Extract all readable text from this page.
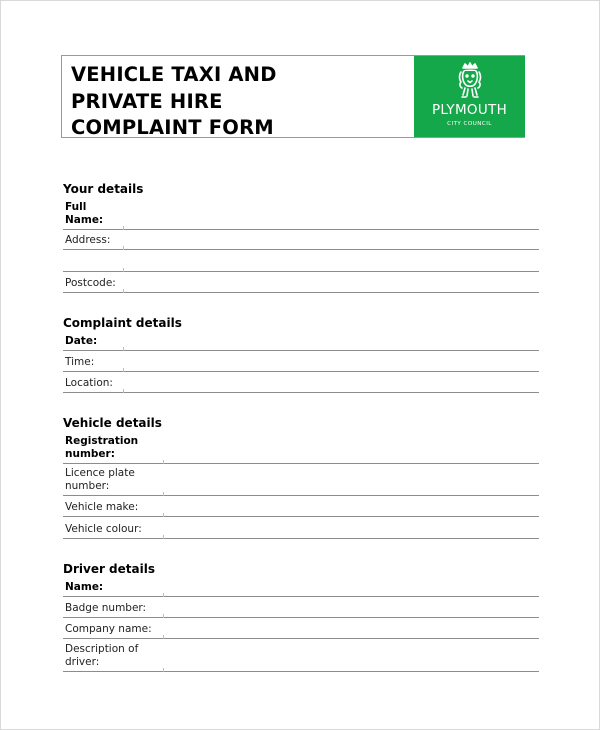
VEHICLE TAXI AND
PRIVATE HIRE
COMPLAINT FORM
PLYMOUTH
CITY COUNCIL
Your details
Full
Name:
Address:
Postcode:
Complaint details
Date:
Time:
Location:
Vehicle details
Registration
number:
Licence plate
number:
Vehicle make:
Vehicle colour:
Driver details
Name:
Badge number:
Company name:
Description of
driver:
